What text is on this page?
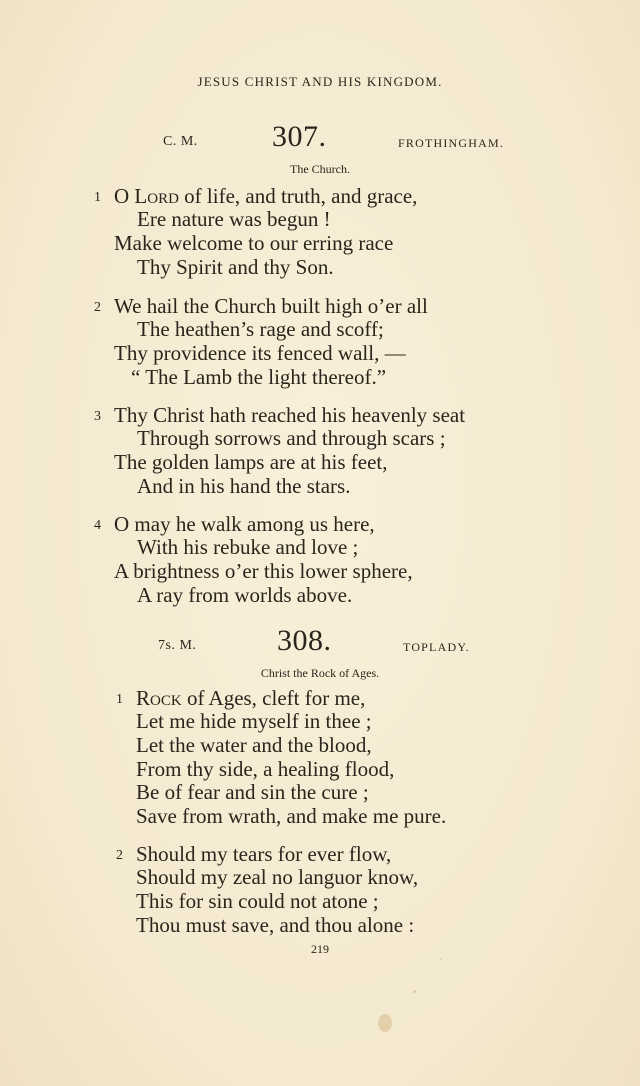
JESUS CHRIST AND HIS KINGDOM.
C. M. 307.	FROTHINGHAM.
The Church.
1 O Lord of life, and truth, and grace,
Ere nature was begun !
Make welcome to our erring race
Thy Spirit and thy Son.
2 We hail the Church built high o’er all
The heathen’s rage and scoff;
Thy providence its fenced wall, —
“ The Lamb the light thereof.”
3 Thy Christ hath reached his heavenly seat
Through sorrows and through scars ;
The golden lamps are at his feet,
And in his hand the stars.
4 O may he walk among us here,
With his rebuke and love ;
A brightness o’er this lower sphere,
A ray from worlds above.
7s. M.	308.	TOPLADY.
Christ the Rock of Ages.
1 Rock of Ages, cleft for me,
Let me hide myself in thee ;
Let the water and the blood,
From thy side, a healing flood,
Be of fear and sin the cure ;
Save from wrath, and make me pure.
2 Should my tears for ever flow,
Should my zeal no languor know,
This for sin could not atone ;
Thou must save, and thou alone :
219
